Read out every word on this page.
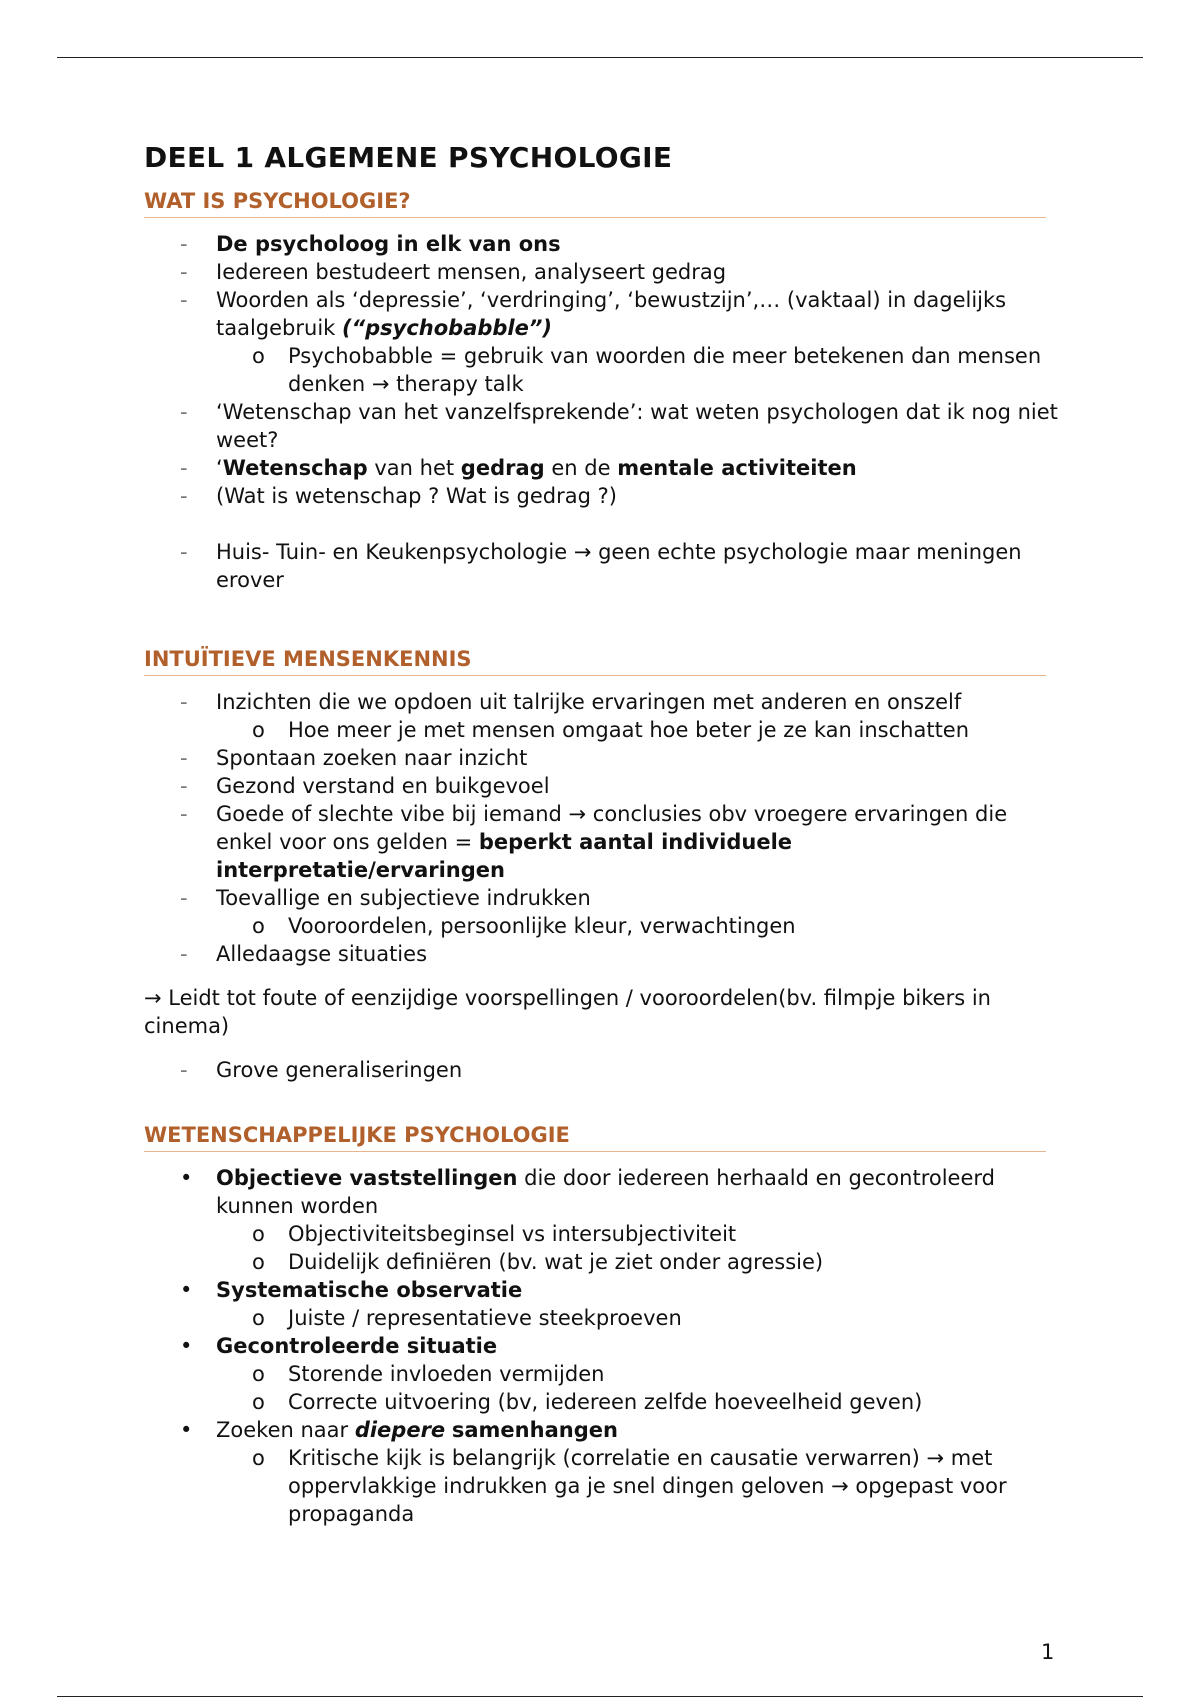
DEEL 1 ALGEMENE PSYCHOLOGIE
WAT IS PSYCHOLOGIE?
-	De psycholoog in elk van ons
-	Iedereen bestudeert mensen, analyseert gedrag
-	Woorden als ‘depressie’, ‘verdringing’, ‘bewustzijn’,… (vaktaal) in dagelijks taalgebruik (“psychobabble”)
o Psychobabble = gebruik van woorden die meer betekenen dan mensen denken → therapy talk
-	‘Wetenschap van het vanzelfsprekende’: wat weten psychologen dat ik nog niet weet?
-	‘Wetenschap van het gedrag en de mentale activiteiten
-	(Wat is wetenschap ? Wat is gedrag ?)
-	Huis- Tuin- en Keukenpsychologie → geen echte psychologie maar meningen erover
INTUÏTIEVE MENSENKENNIS
-	Inzichten die we opdoen uit talrijke ervaringen met anderen en onszelf
o Hoe meer je met mensen omgaat hoe beter je ze kan inschatten
-	Spontaan zoeken naar inzicht
-	Gezond verstand en buikgevoel
-	Goede of slechte vibe bij iemand → conclusies obv vroegere ervaringen die enkel voor ons gelden = beperkt aantal individuele interpretatie/ervaringen
-	Toevallige en subjectieve indrukken
o Vooroordelen, persoonlijke kleur, verwachtingen
-	Alledaagse situaties

→ Leidt tot foute of eenzijdige voorspellingen / vooroordelen(bv. filmpje bikers in cinema)

-	Grove generaliseringen
WETENSCHAPPELIJKE PSYCHOLOGIE
•	Objectieve vaststellingen die door iedereen herhaald en gecontroleerd kunnen worden
o Objectiviteitsbeginsel vs intersubjectiviteit
o Duidelijk definiëren (bv. wat je ziet onder agressie)
•	Systematische observatie
o Juiste / representatieve steekproeven
•	Gecontroleerde situatie
o Storende invloeden vermijden
o Correcte uitvoering (bv, iedereen zelfde hoeveelheid geven)
•	Zoeken naar diepere samenhangen
o Kritische kijk is belangrijk (correlatie en causatie verwarren) → met oppervlakkige indrukken ga je snel dingen geloven → opgepast voor propaganda
1
